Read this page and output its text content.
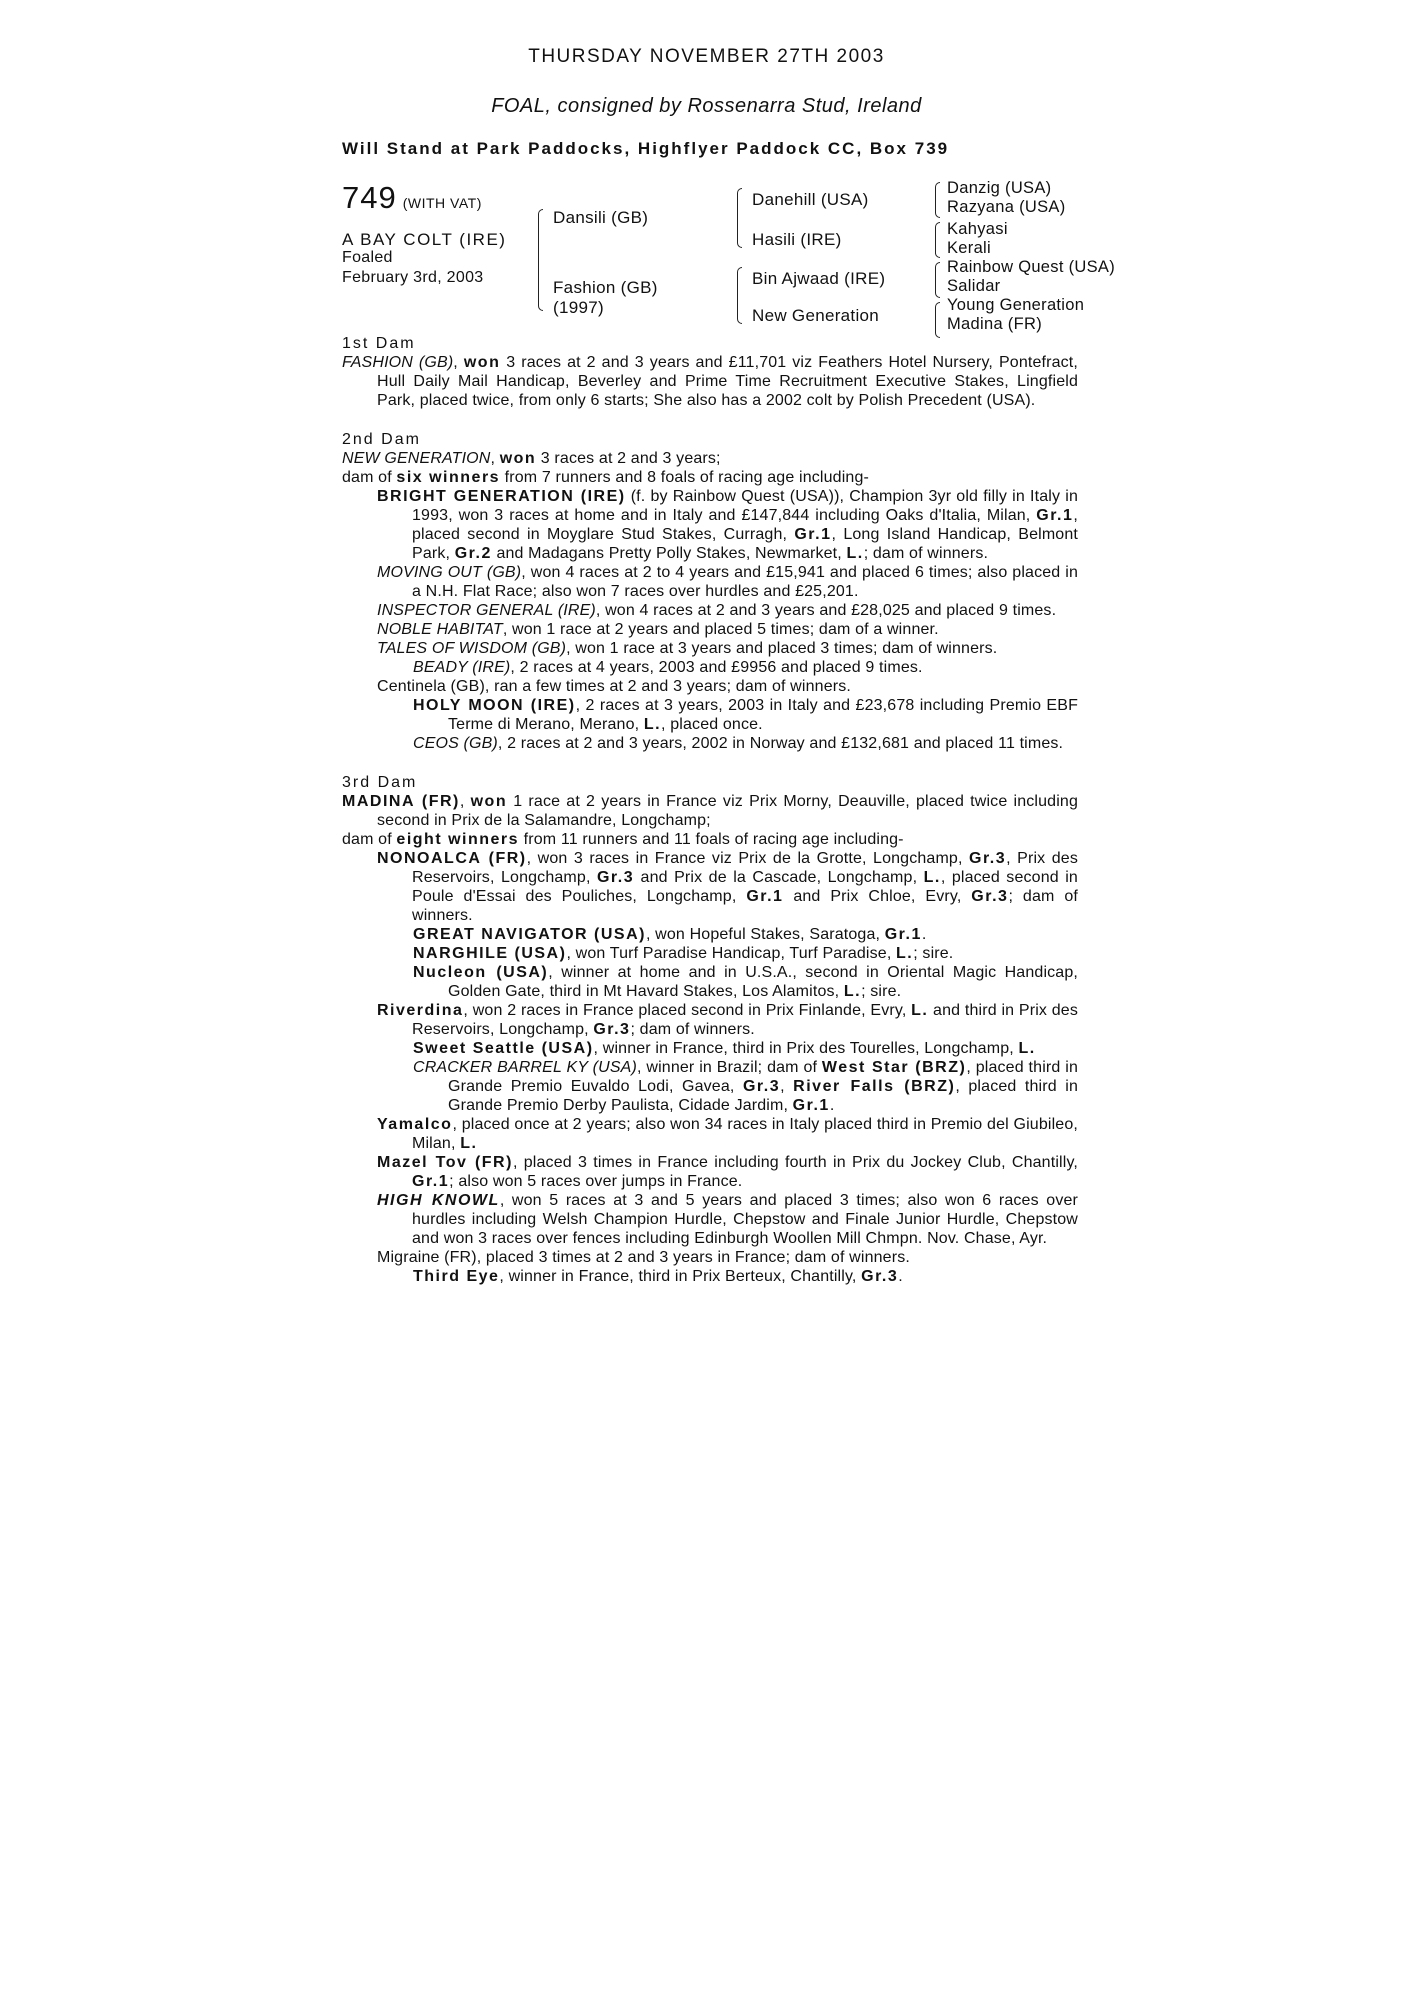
THURSDAY NOVEMBER 27TH 2003
FOAL, consigned by Rossenarra Stud, Ireland
Will Stand at Park Paddocks, Highflyer Paddock CC, Box 739
749 (WITH VAT)
A BAY COLT (IRE)
Foaled
February 3rd, 2003
Dansili (GB)
Fashion (GB)
(1997)
Danehill (USA)
Hasili (IRE)
Bin Ajwaad (IRE)
New Generation
Danzig (USA)
Razyana (USA)
Kahyasi
Kerali
Rainbow Quest (USA)
Salidar
Young Generation
Madina (FR)
1st Dam
FASHION (GB), won 3 races at 2 and 3 years and £11,701 viz Feathers Hotel Nursery, Pontefract, Hull Daily Mail Handicap, Beverley and Prime Time Recruitment Executive Stakes, Lingfield Park, placed twice, from only 6 starts; She also has a 2002 colt by Polish Precedent (USA).
2nd Dam
NEW GENERATION, won 3 races at 2 and 3 years;
dam of six winners from 7 runners and 8 foals of racing age including-
BRIGHT GENERATION (IRE) (f. by Rainbow Quest (USA)), Champion 3yr old filly in Italy in 1993, won 3 races at home and in Italy and £147,844 including Oaks d'Italia, Milan, Gr.1, placed second in Moyglare Stud Stakes, Curragh, Gr.1, Long Island Handicap, Belmont Park, Gr.2 and Madagans Pretty Polly Stakes, Newmarket, L.; dam of winners.
MOVING OUT (GB), won 4 races at 2 to 4 years and £15,941 and placed 6 times; also placed in a N.H. Flat Race; also won 7 races over hurdles and £25,201.
INSPECTOR GENERAL (IRE), won 4 races at 2 and 3 years and £28,025 and placed 9 times.
NOBLE HABITAT, won 1 race at 2 years and placed 5 times; dam of a winner.
TALES OF WISDOM (GB), won 1 race at 3 years and placed 3 times; dam of winners.
BEADY (IRE), 2 races at 4 years, 2003 and £9956 and placed 9 times.
Centinela (GB), ran a few times at 2 and 3 years; dam of winners.
HOLY MOON (IRE), 2 races at 3 years, 2003 in Italy and £23,678 including Premio EBF Terme di Merano, Merano, L., placed once.
CEOS (GB), 2 races at 2 and 3 years, 2002 in Norway and £132,681 and placed 11 times.
3rd Dam
MADINA (FR), won 1 race at 2 years in France viz Prix Morny, Deauville, placed twice including second in Prix de la Salamandre, Longchamp;
dam of eight winners from 11 runners and 11 foals of racing age including-
NONOALCA (FR), won 3 races in France viz Prix de la Grotte, Longchamp, Gr.3, Prix des Reservoirs, Longchamp, Gr.3 and Prix de la Cascade, Longchamp, L., placed second in Poule d'Essai des Pouliches, Longchamp, Gr.1 and Prix Chloe, Evry, Gr.3; dam of winners.
GREAT NAVIGATOR (USA), won Hopeful Stakes, Saratoga, Gr.1.
NARGHILE (USA), won Turf Paradise Handicap, Turf Paradise, L.; sire.
Nucleon (USA), winner at home and in U.S.A., second in Oriental Magic Handicap, Golden Gate, third in Mt Havard Stakes, Los Alamitos, L.; sire.
Riverdina, won 2 races in France placed second in Prix Finlande, Evry, L. and third in Prix des Reservoirs, Longchamp, Gr.3; dam of winners.
Sweet Seattle (USA), winner in France, third in Prix des Tourelles, Longchamp, L.
CRACKER BARREL KY (USA), winner in Brazil; dam of West Star (BRZ), placed third in Grande Premio Euvaldo Lodi, Gavea, Gr.3, River Falls (BRZ), placed third in Grande Premio Derby Paulista, Cidade Jardim, Gr.1.
Yamalco, placed once at 2 years; also won 34 races in Italy placed third in Premio del Giubileo, Milan, L.
Mazel Tov (FR), placed 3 times in France including fourth in Prix du Jockey Club, Chantilly, Gr.1; also won 5 races over jumps in France.
HIGH KNOWL, won 5 races at 3 and 5 years and placed 3 times; also won 6 races over hurdles including Welsh Champion Hurdle, Chepstow and Finale Junior Hurdle, Chepstow and won 3 races over fences including Edinburgh Woollen Mill Chmpn. Nov. Chase, Ayr.
Migraine (FR), placed 3 times at 2 and 3 years in France; dam of winners.
Third Eye, winner in France, third in Prix Berteux, Chantilly, Gr.3.
